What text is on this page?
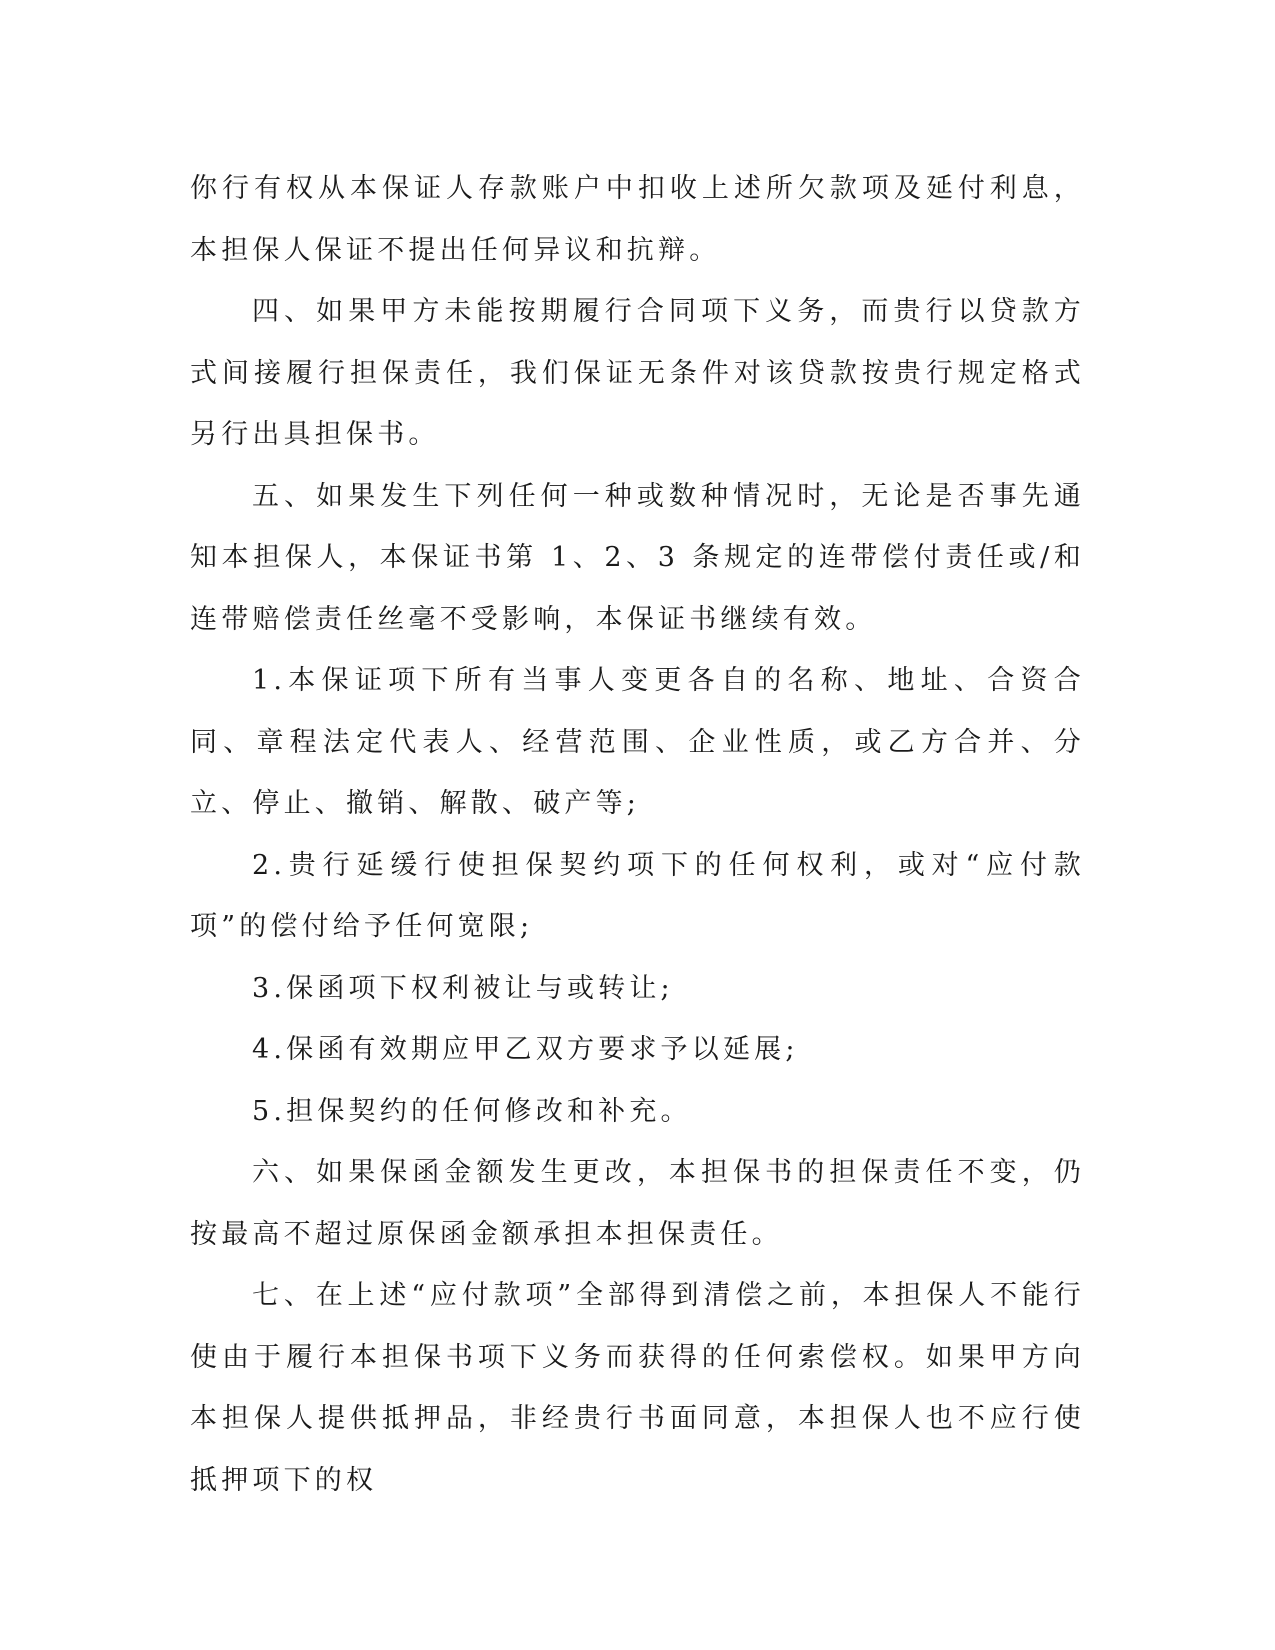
你行有权从本保证人存款账户中扣收上述所欠款项及延付利息，本担保人保证不提出任何异议和抗辩。

四、如果甲方未能按期履行合同项下义务，而贵行以贷款方式间接履行担保责任，我们保证无条件对该贷款按贵行规定格式另行出具担保书。

五、如果发生下列任何一种或数种情况时，无论是否事先通知本担保人，本保证书第 1、2、3 条规定的连带偿付责任或/和连带赔偿责任丝毫不受影响，本保证书继续有效。

1.本保证项下所有当事人变更各自的名称、地址、合资合同、章程法定代表人、经营范围、企业性质，或乙方合并、分立、停止、撤销、解散、破产等;

2.贵行延缓行使担保契约项下的任何权利，或对“应付款项”的偿付给予任何宽限;

3.保函项下权利被让与或转让;

4.保函有效期应甲乙双方要求予以延展;

5.担保契约的任何修改和补充。

六、如果保函金额发生更改，本担保书的担保责任不变，仍按最高不超过原保函金额承担本担保责任。

七、在上述“应付款项”全部得到清偿之前，本担保人不能行使由于履行本担保书项下义务而获得的任何索偿权。如果甲方向本担保人提供抵押品，非经贵行书面同意，本担保人也不应行使抵押项下的权
